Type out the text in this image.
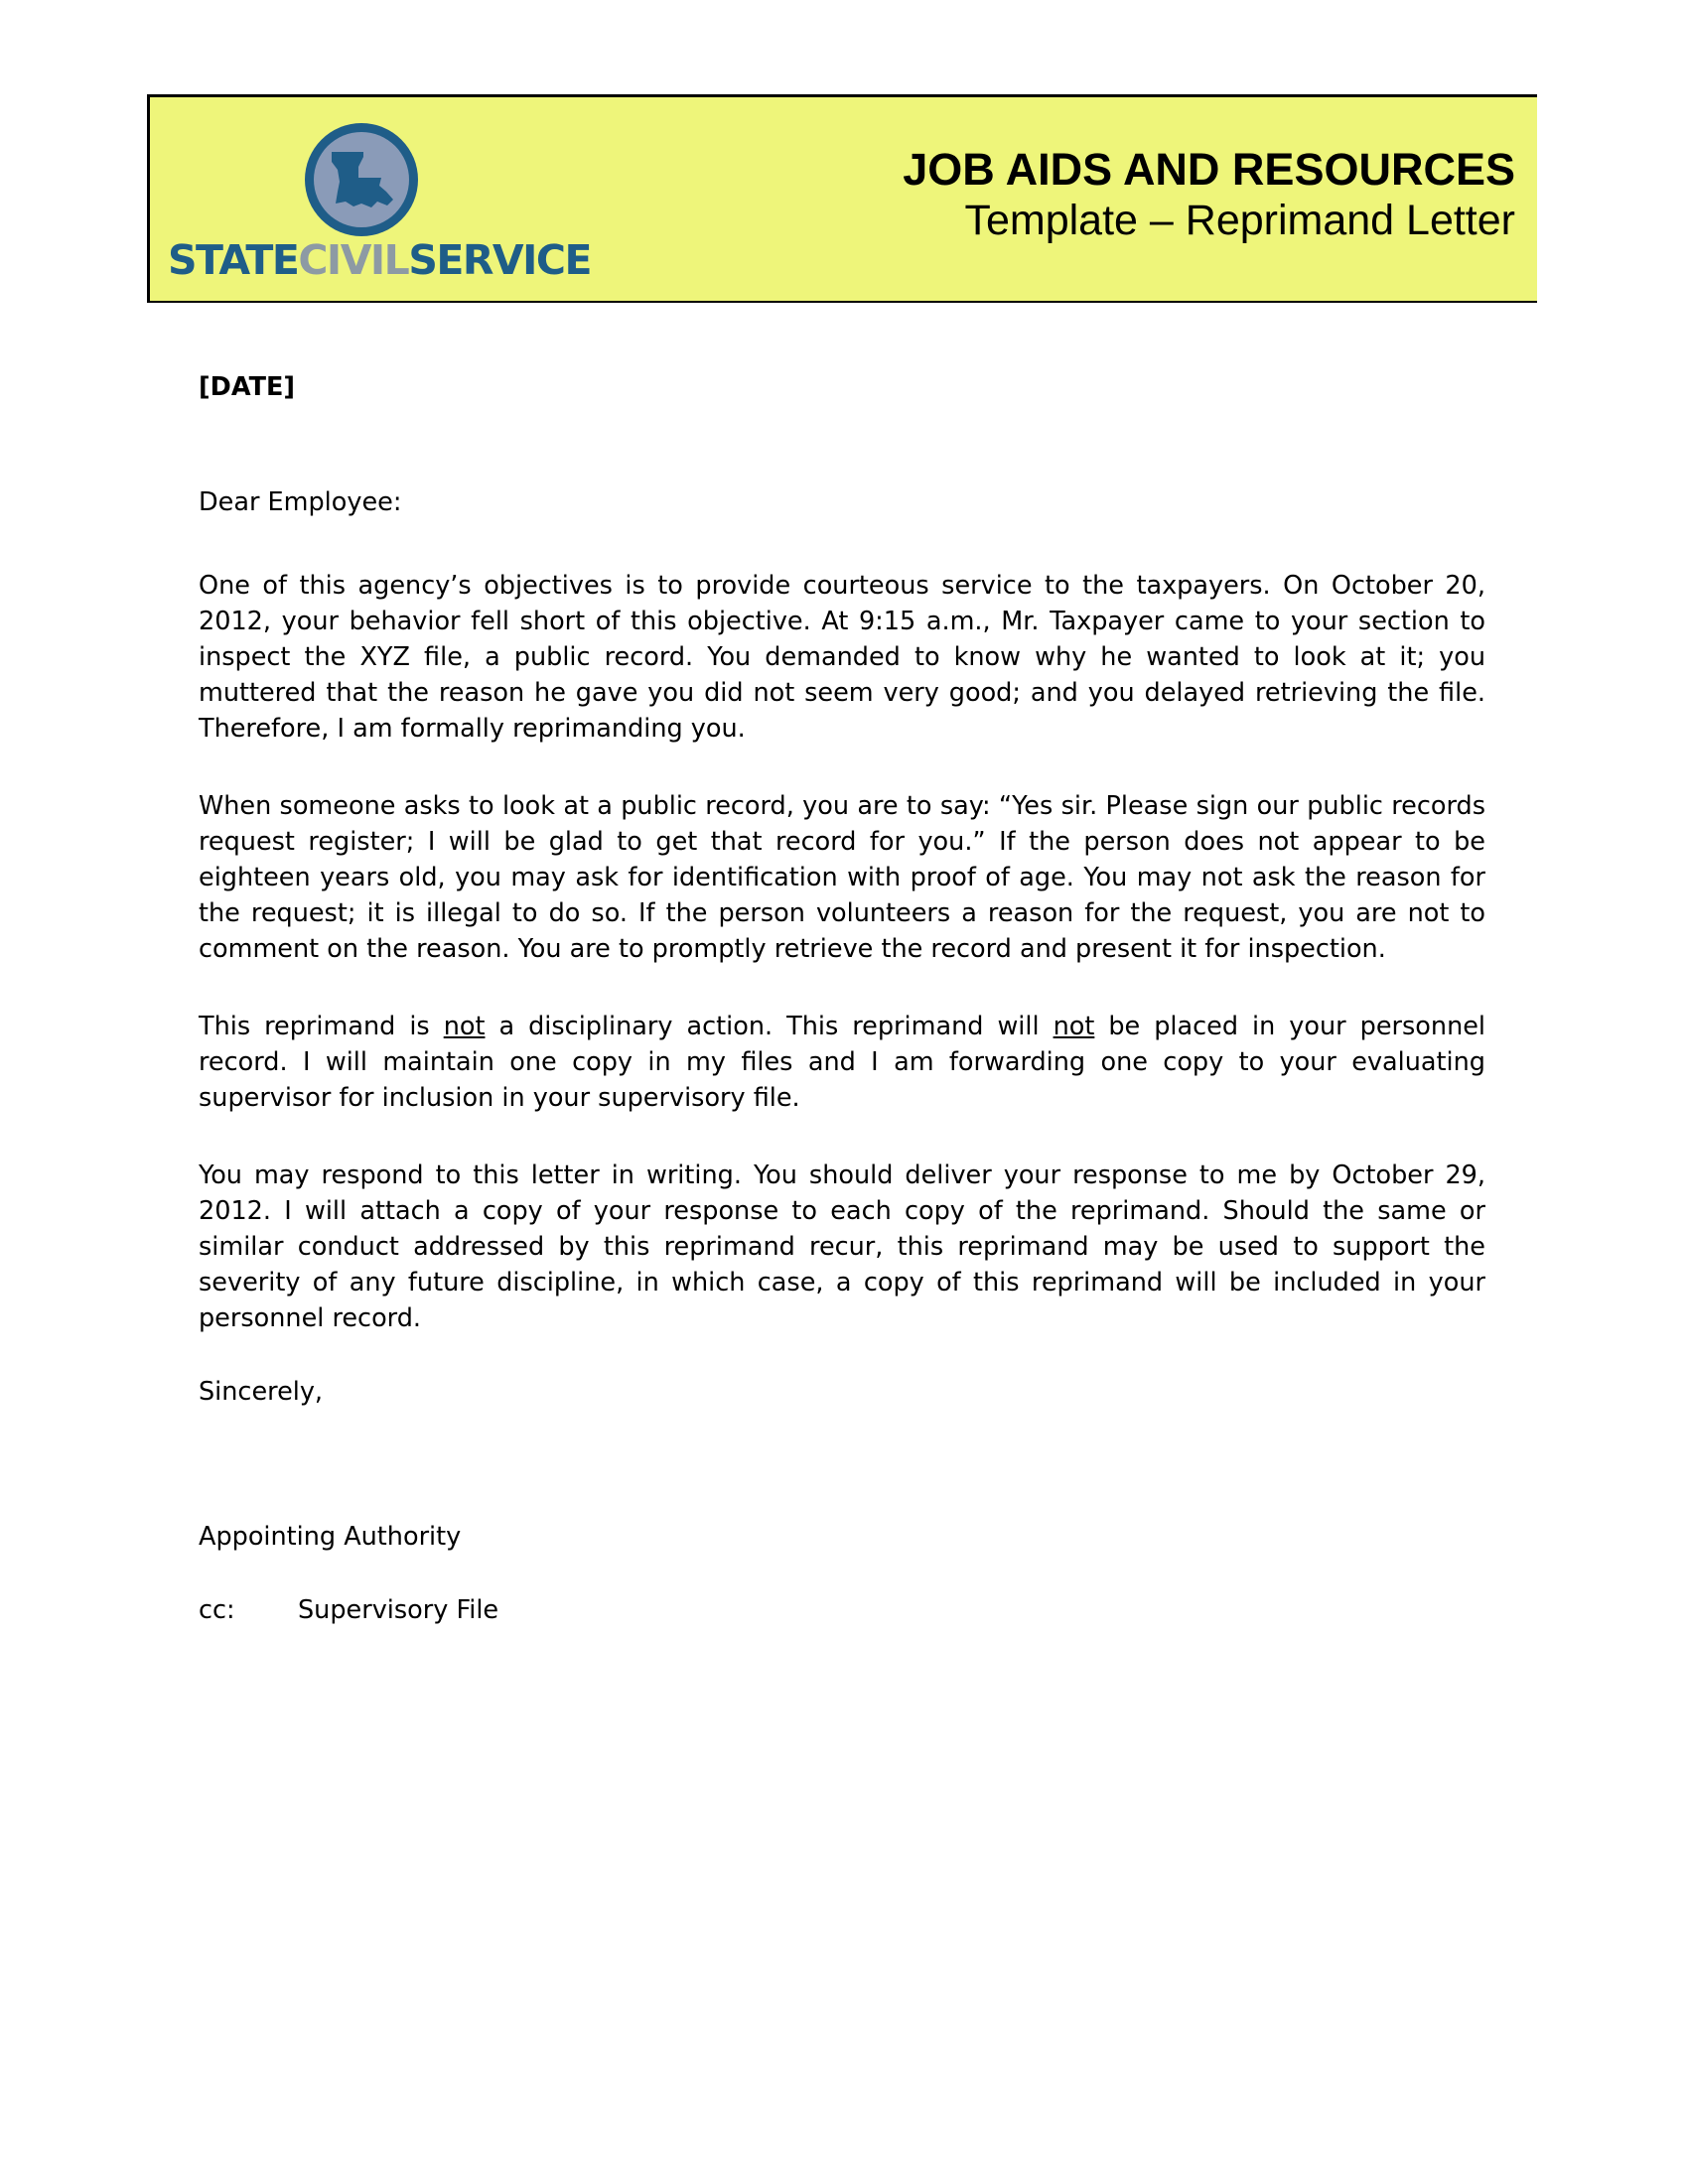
STATECIVILSERVICE
JOB AIDS AND RESOURCES
Template – Reprimand Letter

[DATE]

Dear Employee:

One of this agency’s objectives is to provide courteous service to the taxpayers. On October 20, 2012, your behavior fell short of this objective. At 9:15 a.m., Mr. Taxpayer came to your section to inspect the XYZ file, a public record. You demanded to know why he wanted to look at it; you muttered that the reason he gave you did not seem very good; and you delayed retrieving the file. Therefore, I am formally reprimanding you.

When someone asks to look at a public record, you are to say: “Yes sir. Please sign our public records request register; I will be glad to get that record for you.” If the person does not appear to be eighteen years old, you may ask for identification with proof of age. You may not ask the reason for the request; it is illegal to do so. If the person volunteers a reason for the request, you are not to comment on the reason. You are to promptly retrieve the record and present it for inspection.

This reprimand is not a disciplinary action. This reprimand will not be placed in your personnel record. I will maintain one copy in my files and I am forwarding one copy to your evaluating supervisor for inclusion in your supervisory file.

You may respond to this letter in writing. You should deliver your response to me by October 29, 2012. I will attach a copy of your response to each copy of the reprimand. Should the same or similar conduct addressed by this reprimand recur, this reprimand may be used to support the severity of any future discipline, in which case, a copy of this reprimand will be included in your personnel record.

Sincerely,

Appointing Authority

cc:	Supervisory File
